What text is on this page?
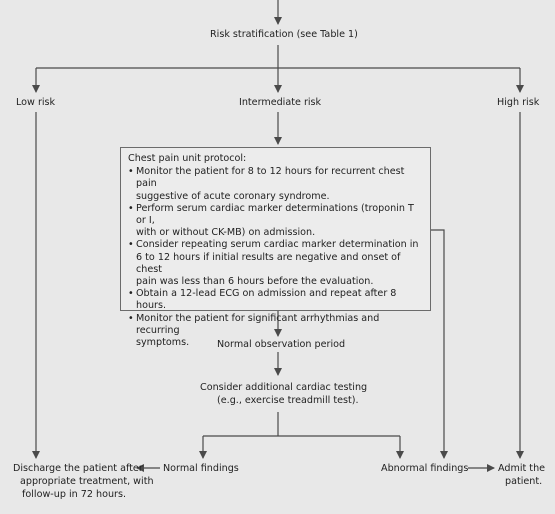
Risk stratification (see Table 1)
Low risk	Intermediate risk	High risk
Chest pain unit protocol:
• Monitor the patient for 8 to 12 hours for recurrent chest pain
suggestive of acute coronary syndrome.
• Perform serum cardiac marker determinations (troponin T or I,
with or without CK-MB) on admission.
• Consider repeating serum cardiac marker determination in
6 to 12 hours if initial results are negative and onset of chest
pain was less than 6 hours before the evaluation.
• Obtain a 12-lead ECG on admission and repeat after 8 hours.
• Monitor the patient for significant arrhythmias and recurring
symptoms.	Normal observation period
Consider additional cardiac testing
(e.g., exercise treadmill test).
Discharge the patient after
appropriate treatment, with
follow-up in 72 hours.
Normal findings	Abnormal findings	Admit the
patient.
